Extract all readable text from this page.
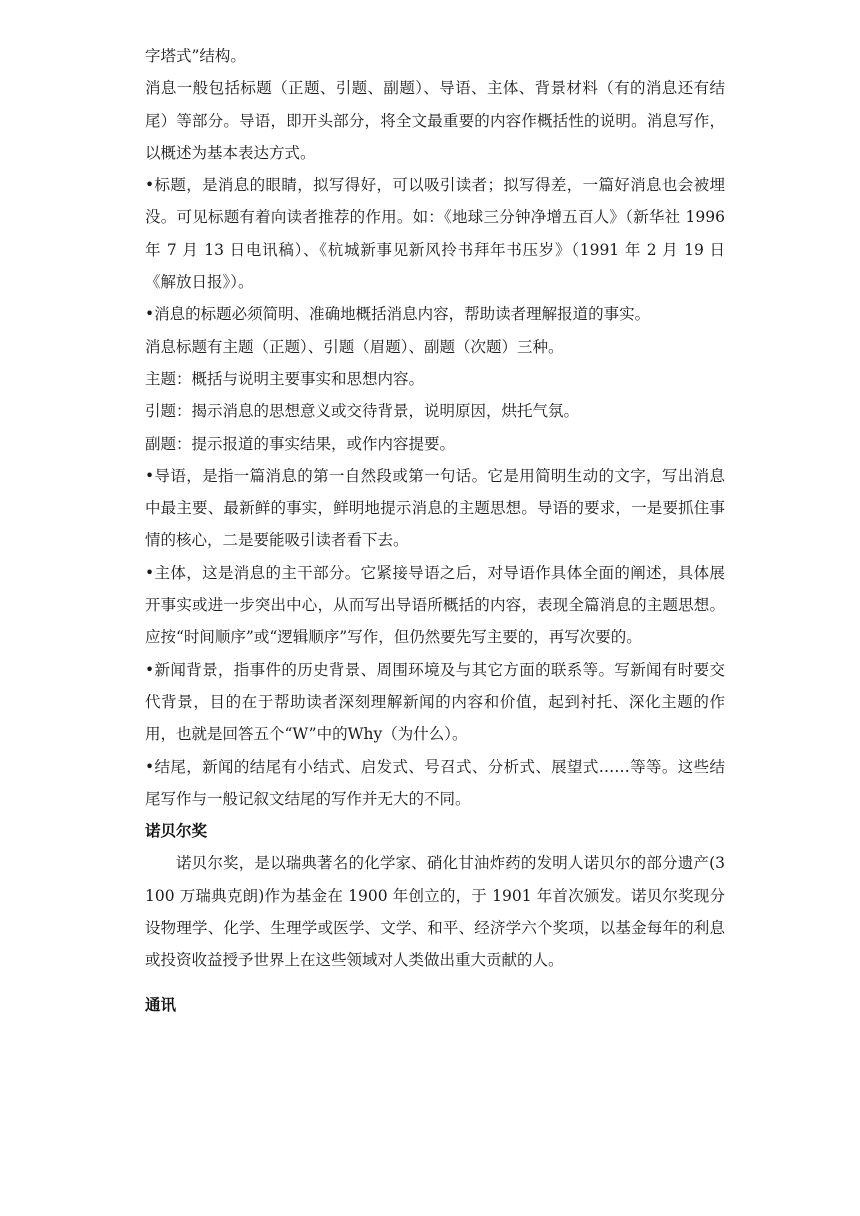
字塔式”结构。

消息一般包括标题（正题、引题、副题）、导语、主体、背景材料（有的消息还有结尾）等部分。导语，即开头部分，将全文最重要的内容作概括性的说明。消息写作，以概述为基本表达方式。

•标题，是消息的眼睛，拟写得好，可以吸引读者；拟写得差，一篇好消息也会被埋没。可见标题有着向读者推荐的作用。如：《地球三分钟净增五百人》（新华社 1996 年 7 月 13 日电讯稿）、《杭城新事见新风拎书拜年书压岁》（1991 年 2 月 19 日《解放日报》）。

•消息的标题必须简明、准确地概括消息内容，帮助读者理解报道的事实。

消息标题有主题（正题）、引题（眉题）、副题（次题）三种。

主题：概括与说明主要事实和思想内容。

引题：揭示消息的思想意义或交待背景，说明原因，烘托气氛。

副题：提示报道的事实结果，或作内容提要。

•导语，是指一篇消息的第一自然段或第一句话。它是用简明生动的文字，写出消息中最主要、最新鲜的事实，鲜明地提示消息的主题思想。导语的要求，一是要抓住事情的核心，二是要能吸引读者看下去。

•主体，这是消息的主干部分。它紧接导语之后，对导语作具体全面的阐述，具体展开事实或进一步突出中心，从而写出导语所概括的内容，表现全篇消息的主题思想。应按“时间顺序”或“逻辑顺序”写作，但仍然要先写主要的，再写次要的。

•新闻背景，指事件的历史背景、周围环境及与其它方面的联系等。写新闻有时要交代背景，目的在于帮助读者深刻理解新闻的内容和价值，起到衬托、深化主题的作用，也就是回答五个“W”中的Why（为什么）。

•结尾，新闻的结尾有小结式、启发式、号召式、分析式、展望式……等等。这些结尾写作与一般记叙文结尾的写作并无大的不同。

诺贝尔奖

诺贝尔奖，是以瑞典著名的化学家、硝化甘油炸药的发明人诺贝尔的部分遗产(3100 万瑞典克朗)作为基金在 1900 年创立的，于 1901 年首次颁发。诺贝尔奖现分设物理学、化学、生理学或医学、文学、和平、经济学六个奖项，以基金每年的利息或投资收益授予世界上在这些领域对人类做出重大贡献的人。

通讯
